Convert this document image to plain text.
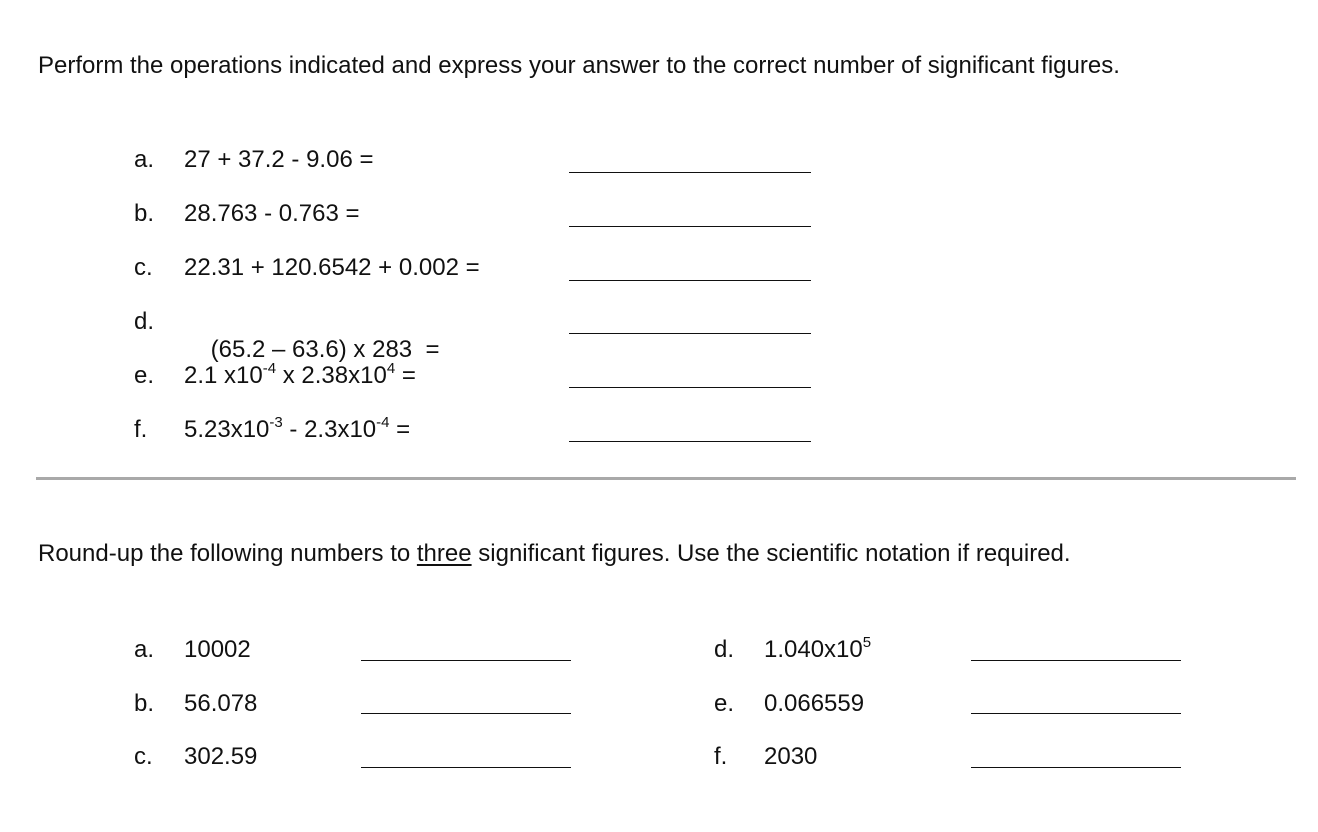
Perform the operations indicated and express your answer to the correct number of significant figures.
a. 27 + 37.2 - 9.06 =
b. 28.763 - 0.763 =
c. 22.31 + 120.6542 + 0.002 =
d.

(65.2 – 63.6) x 283  =

e. 2.1 $x10^{-4}$ x $2.38x10^4$ =
f. $5.23x10^{-3} - 2.3x10^{-4}$ =
Round-up the following numbers to three significant figures. Use the scientific notation if required.
a. 10002
b. 56.078
c. 302.59
d. $1.040x10^5$
e. 0.066559
f. 2030
